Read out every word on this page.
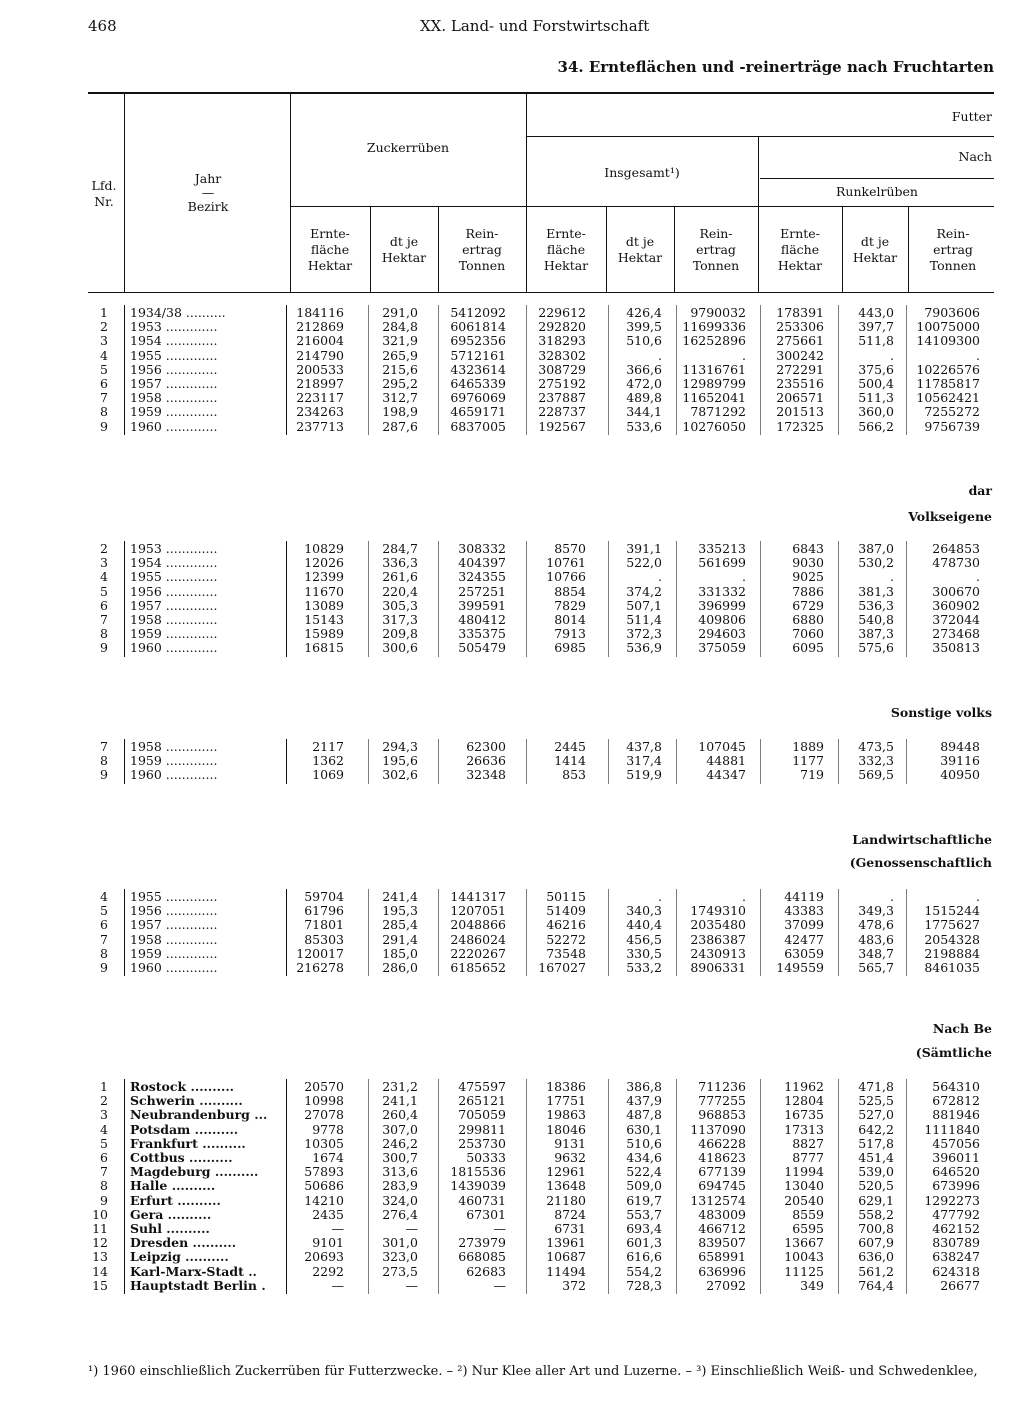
468	XX. Land- und Forstwirtschaft
34. Ernteflächen und -reinerträge nach Fruchtarten
Lfd.
Nr.
Jahr
—
Bezirk
Zuckerrüben
Futter
Nach
Insgesamt¹)
Runkelrüben
Ernte-
fläche
Hektar
dt je
Hektar
Rein-
ertrag
Tonnen
Ernte-
fläche
Hektar
dt je
Hektar
Rein-
ertrag
Tonnen
Ernte-
fläche
Hektar
dt je
Hektar
Rein-
ertrag
Tonnen
1 1934/38 ..........	184116	291,0	5412092	229612	426,4	9790032	178391	443,0	7903606
2 1953 .............	212869	284,8	6061814	292820	399,5	11699336	253306	397,7	10075000
3 1954 .............	216004	321,9	6952356	318293	510,6	16252896	275661	511,8	14109300
4 1955 .............	214790	265,9	5712161	328302	.	.	300242	.	.
5 1956 .............	200533	215,6	4323614	308729	366,6	11316761	272291	375,6	10226576
6 1957 .............	218997	295,2	6465339	275192	472,0	12989799	235516	500,4	11785817
7 1958 .............	223117	312,7	6976069	237887	489,8	11652041	206571	511,3	10562421
8 1959 .............	234263	198,9	4659171	228737	344,1	7871292	201513	360,0	7255272
9 1960 .............	237713	287,6	6837005	192567	533,6	10276050	172325	566,2	9756739
dar
Volkseigene
2 1953 .............	10829	284,7	308332	8570	391,1	335213	6843	387,0	264853
3 1954 .............	12026	336,3	404397	10761	522,0	561699	9030	530,2	478730
4 1955 .............	12399	261,6	324355	10766	.	.	9025	.	.
5 1956 .............	11670	220,4	257251	8854	374,2	331332	7886	381,3	300670
6 1957 .............	13089	305,3	399591	7829	507,1	396999	6729	536,3	360902
7 1958 .............	15143	317,3	480412	8014	511,4	409806	6880	540,8	372044
8 1959 .............	15989	209,8	335375	7913	372,3	294603	7060	387,3	273468
9 1960 .............	16815	300,6	505479	6985	536,9	375059	6095	575,6	350813
Sonstige volks
7 1958 .............	2117	294,3	62300	2445	437,8	107045	1889	473,5	89448
8 1959 .............	1362	195,6	26636	1414	317,4	44881	1177	332,3	39116
9 1960 .............	1069	302,6	32348	853	519,9	44347	719	569,5	40950
Landwirtschaftliche
(Genossenschaftlich
4 1955 .............	59704	241,4	1441317	50115	.	.	44119	.	.
5 1956 .............	61796	195,3	1207051	51409	340,3	1749310	43383	349,3	1515244
6 1957 .............	71801	285,4	2048866	46216	440,4	2035480	37099	478,6	1775627
7 1958 .............	85303	291,4	2486024	52272	456,5	2386387	42477	483,6	2054328
8 1959 .............	120017	185,0	2220267	73548	330,5	2430913	63059	348,7	2198884
9 1960 .............	216278	286,0	6185652	167027	533,2	8906331	149559	565,7	8461035
Nach Be
(Sämtliche
1 Rostock ..........	20570	231,2	475597	18386	386,8	711236	11962	471,8	564310
2 Schwerin ..........	10998	241,1	265121	17751	437,9	777255	12804	525,5	672812
3 Neubrandenburg ...	27078	260,4	705059	19863	487,8	968853	16735	527,0	881946
4 Potsdam ..........	9778	307,0	299811	18046	630,1	1137090	17313	642,2	1111840
5 Frankfurt ..........	10305	246,2	253730	9131	510,6	466228	8827	517,8	457056
6 Cottbus ..........	1674	300,7	50333	9632	434,6	418623	8777	451,4	396011
7 Magdeburg ..........	57893	313,6	1815536	12961	522,4	677139	11994	539,0	646520
8 Halle ..........	50686	283,9	1439039	13648	509,0	694745	13040	520,5	673996
9 Erfurt ..........	14210	324,0	460731	21180	619,7	1312574	20540	629,1	1292273
10 Gera ..........	2435	276,4	67301	8724	553,7	483009	8559	558,2	477792
11 Suhl ..........	—	—	—	6731	693,4	466712	6595	700,8	462152
12 Dresden ..........	9101	301,0	273979	13961	601,3	839507	13667	607,9	830789
13 Leipzig ..........	20693	323,0	668085	10687	616,6	658991	10043	636,0	638247
14 Karl-Marx-Stadt ..	2292	273,5	62683	11494	554,2	636996	11125	561,2	624318
15 Hauptstadt Berlin .	—	—	—	372	728,3	27092	349	764,4	26677
¹) 1960 einschließlich Zuckerrüben für Futterzwecke. – ²) Nur Klee aller Art und Luzerne. – ³) Einschließlich Weiß- und Schwedenklee,
